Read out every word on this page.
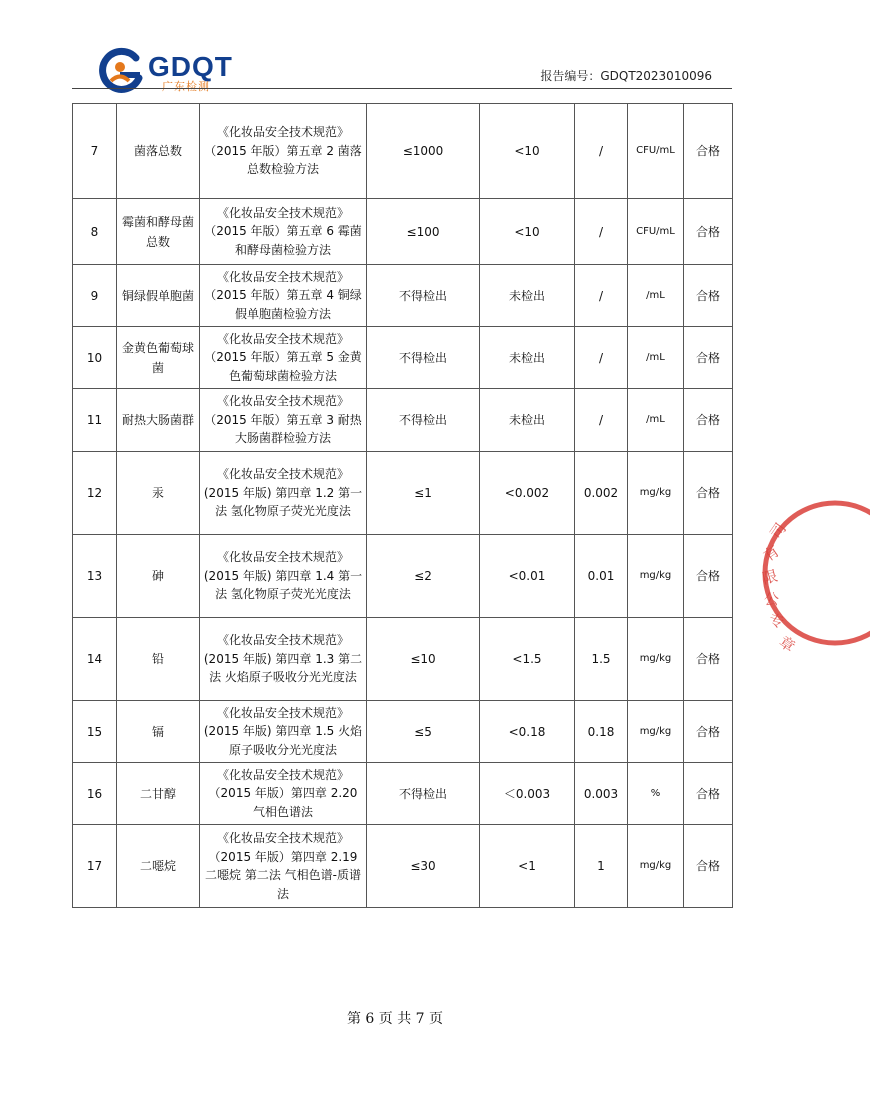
GDQT
广东检测
报告编号：GDQT2023010096
7	菌落总数	《化妆品安全技术规范》（2015 年版）第五章 2 菌落总数检验方法	≤1000	<10	/	CFU/mL	合格
8	霉菌和酵母菌总数	《化妆品安全技术规范》（2015 年版）第五章 6 霉菌和酵母菌检验方法	≤100	<10	/	CFU/mL	合格
9	铜绿假单胞菌	《化妆品安全技术规范》（2015 年版）第五章 4 铜绿假单胞菌检验方法	不得检出	未检出	/	/mL	合格
10	金黄色葡萄球菌	《化妆品安全技术规范》（2015 年版）第五章 5 金黄色葡萄球菌检验方法	不得检出	未检出	/	/mL	合格
11	耐热大肠菌群	《化妆品安全技术规范》（2015 年版）第五章 3 耐热大肠菌群检验方法	不得检出	未检出	/	/mL	合格
12	汞	《化妆品安全技术规范》(2015 年版) 第四章 1.2 第一法 氢化物原子荧光光度法	≤1	<0.002	0.002	mg/kg	合格
13	砷	《化妆品安全技术规范》(2015 年版) 第四章 1.4 第一法 氢化物原子荧光光度法	≤2	<0.01	0.01	mg/kg	合格
14	铅	《化妆品安全技术规范》(2015 年版) 第四章 1.3 第二法 火焰原子吸收分光光度法	≤10	<1.5	1.5	mg/kg	合格
15	镉	《化妆品安全技术规范》(2015 年版) 第四章 1.5 火焰原子吸收分光光度法	≤5	<0.18	0.18	mg/kg	合格
16	二甘醇	《化妆品安全技术规范》（2015 年版）第四章 2.20 气相色谱法	不得检出	＜0.003	0.003	%	合格
17	二噁烷	《化妆品安全技术规范》（2015 年版）第四章 2.19 二噁烷 第二法 气相色谱-质谱法	≤30	<1	1	mg/kg	合格
第 6 页 共 7 页
司
有
限
公
专
章
